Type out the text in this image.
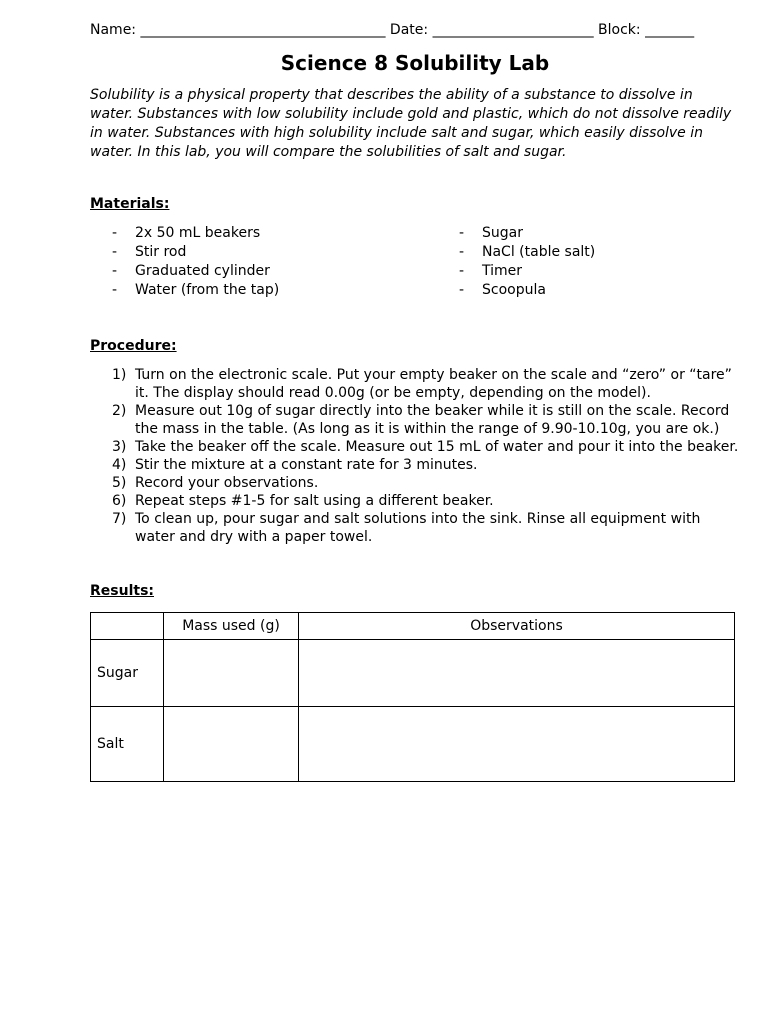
Name: ___________________________________ Date: _______________________ Block: _______
Science 8 Solubility Lab
Solubility is a physical property that describes the ability of a substance to dissolve in water. Substances with low solubility include gold and plastic, which do not dissolve readily in water. Substances with high solubility include salt and sugar, which easily dissolve in water. In this lab, you will compare the solubilities of salt and sugar.
Materials:
- 2x 50 mL beakers
- Stir rod
- Graduated cylinder
- Water (from the tap)
- Sugar
- NaCl (table salt)
- Timer
- Scoopula
Procedure:
1) Turn on the electronic scale. Put your empty beaker on the scale and “zero” or “tare” it. The display should read 0.00g (or be empty, depending on the model).
2) Measure out 10g of sugar directly into the beaker while it is still on the scale. Record the mass in the table. (As long as it is within the range of 9.90-10.10g, you are ok.)
3) Take the beaker off the scale. Measure out 15 mL of water and pour it into the beaker.
4) Stir the mixture at a constant rate for 3 minutes.
5) Record your observations.
6) Repeat steps #1-5 for salt using a different beaker.
7) To clean up, pour sugar and salt solutions into the sink. Rinse all equipment with water and dry with a paper towel.
Results:
	Mass used (g)	Observations
Sugar		
Salt		
